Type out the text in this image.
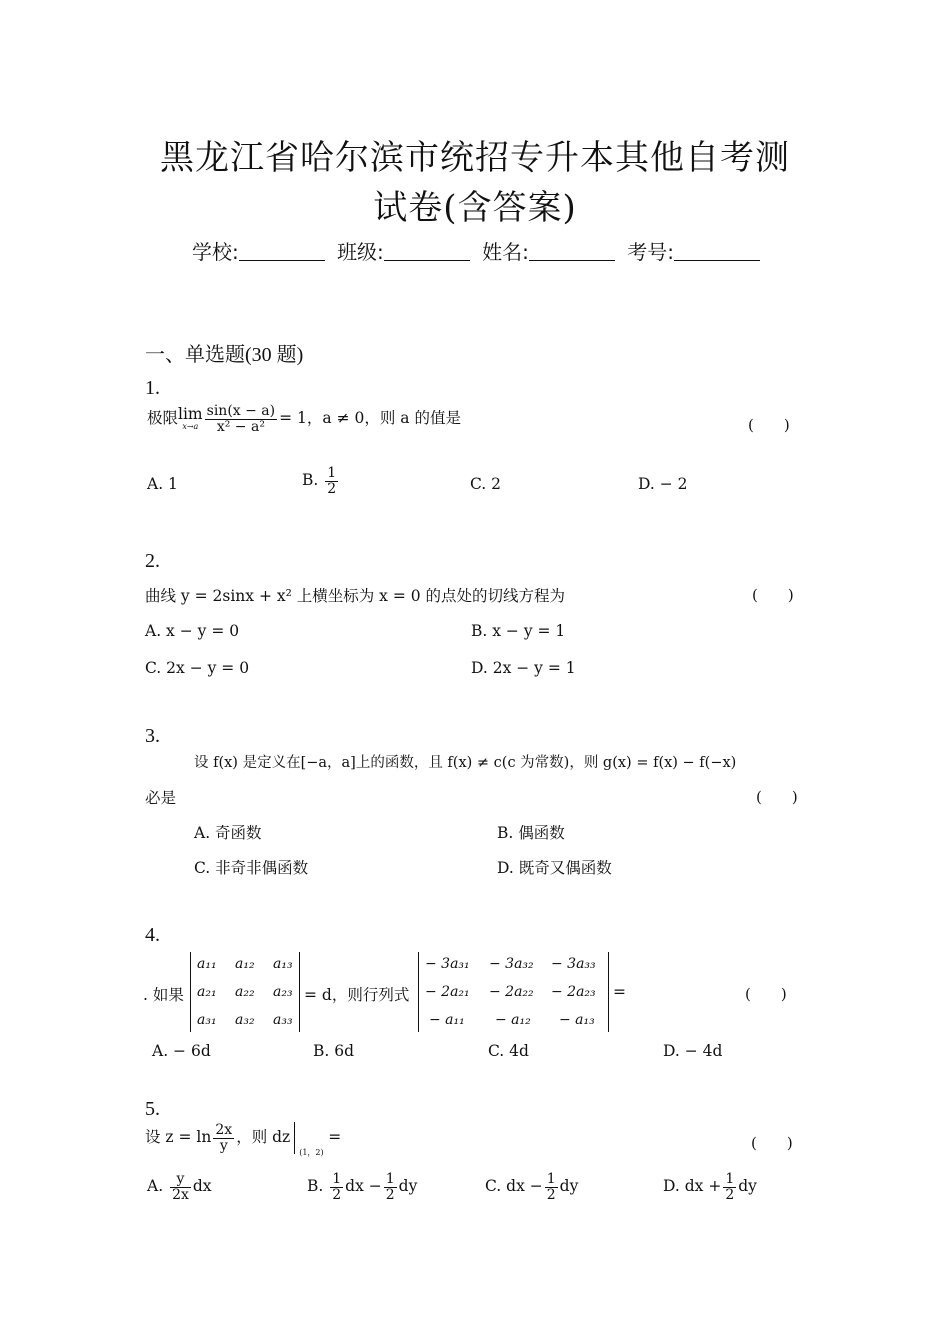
黑龙江省哈尔滨市统招专升本其他自考测
试卷(含答案)
学校:	班级:	姓名:	考号:
一、单选题(30 题)
1.
极限 lim
$x\to a \frac{\sin(x - a)}{\text{x² − a²}} = 1$，a ≠ 0，则 a 的值是	(　　)
A. 1	B. $\frac{1}{2}$	C. 2	D. − 2
2.
曲线 y = 2sinx + x² 上横坐标为 x = 0 的点处的切线方程为	(　　)
A. x − y = 0	B. x − y = 1
C. 2x − y = 0	D. 2x − y = 1
3.
设 f(x) 是定义在[−a，a]上的函数，且 f(x) ≠ c(c 为常数)，则 g(x) = f(x) − f(−x)
必是	(　　)
A. 奇函数	B. 偶函数
C. 非奇非偶函数	D. 既奇又偶函数
4.
. 如果
a₁₁ a₁₂ a₁₃
a₂₁ a₂₂ a₂₃
a₃₁ a₃₂ a₃₃
= d，则行列式
− 3a₃₁ − 3a₃₂ − 3a₃₃
− 2a₂₁ − 2a₂₂ − 2a₂₃
− a₁₁ − a₁₂ − a₁₃
=	(　　)
A. − 6d	B. 6d	C. 4d	D. − 4d
5.
设 $z = \ln \frac{2x}{y}$ ，则 dz
(1，2)
=	(　　)
A. $\frac{y}{2x}$ dx	B. $\frac{1}{2}$ dx − $\frac{1}{2}$ dy	C. dx − $\frac{1}{2}$ dy	D. dx + $\frac{1}{2}$ dy
